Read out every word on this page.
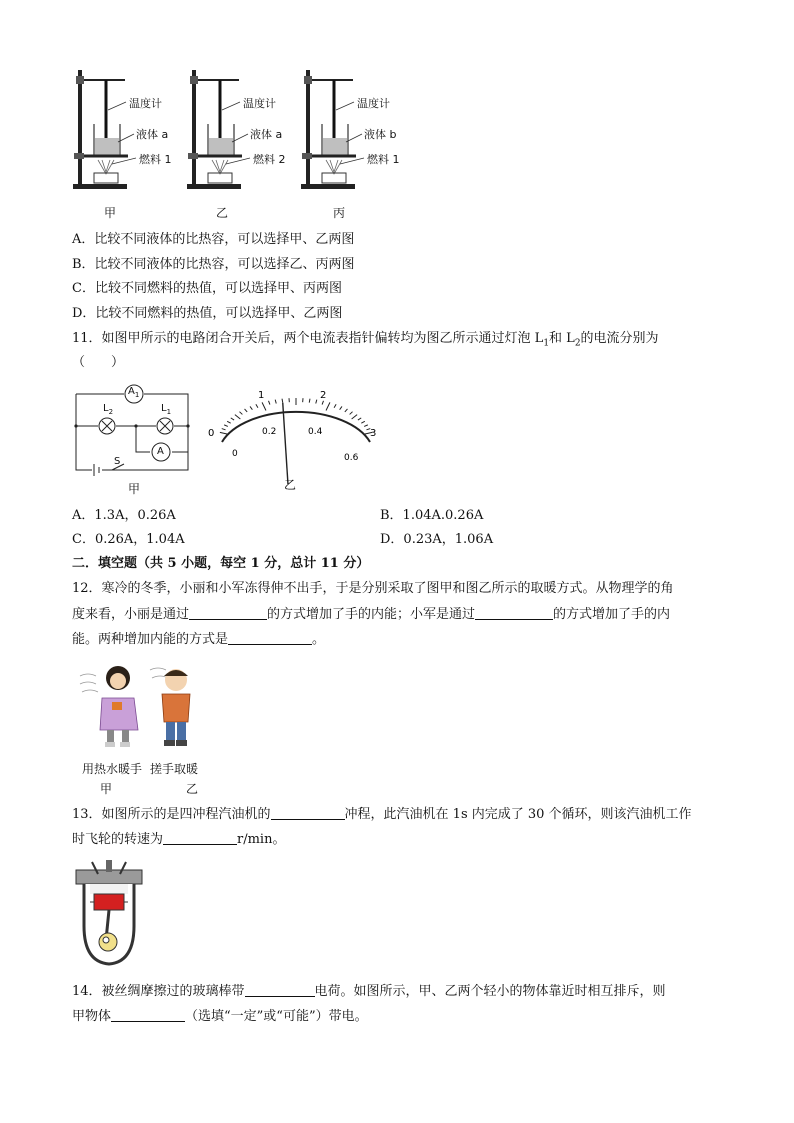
温度计
液体 a
燃料 1
温度计
液体 a
燃料 2
温度计
液体 b
燃料 1
甲	乙	丙
A．比较不同液体的比热容，可以选择甲、乙两图
B．比较不同液体的比热容，可以选择乙、丙两图
C．比较不同燃料的热值，可以选择甲、丙两图
D．比较不同燃料的热值，可以选择甲、乙两图
11．如图甲所示的电路闭合开关后，两个电流表指针偏转均为图乙所示通过灯泡 $L_1$和 $L_2$的电流分别为
（　　）
$A_1$
$L_2$	$L_1$
A
S
甲
0
1	2
3
0
0.2	0.4
0.6
乙
A．1.3A，0.26A	B．1.04A.0.26A
C．0.26A，1.04A	D．0.23A，1.06A
二．填空题（共 5 小题，每空 1 分，总计 11 分）
12．寒冷的冬季，小丽和小军冻得伸不出手，于是分别采取了图甲和图乙所示的取暖方式。从物理学的角
度来看，小丽是通过	的方式增加了手的内能；小军是通过	的方式增加了手的内
能。两种增加内能的方式是	。
用热水暖手 搓手取暖
甲	乙
13．如图所示的是四冲程汽油机的	冲程，此汽油机在 1s 内完成了 30 个循环，则该汽油机工作
时飞轮的转速为	r/min。
14．被丝绸摩擦过的玻璃棒带	电荷。如图所示，甲、乙两个轻小的物体靠近时相互排斥，则
甲物体	（选填“一定”或“可能”）带电。
